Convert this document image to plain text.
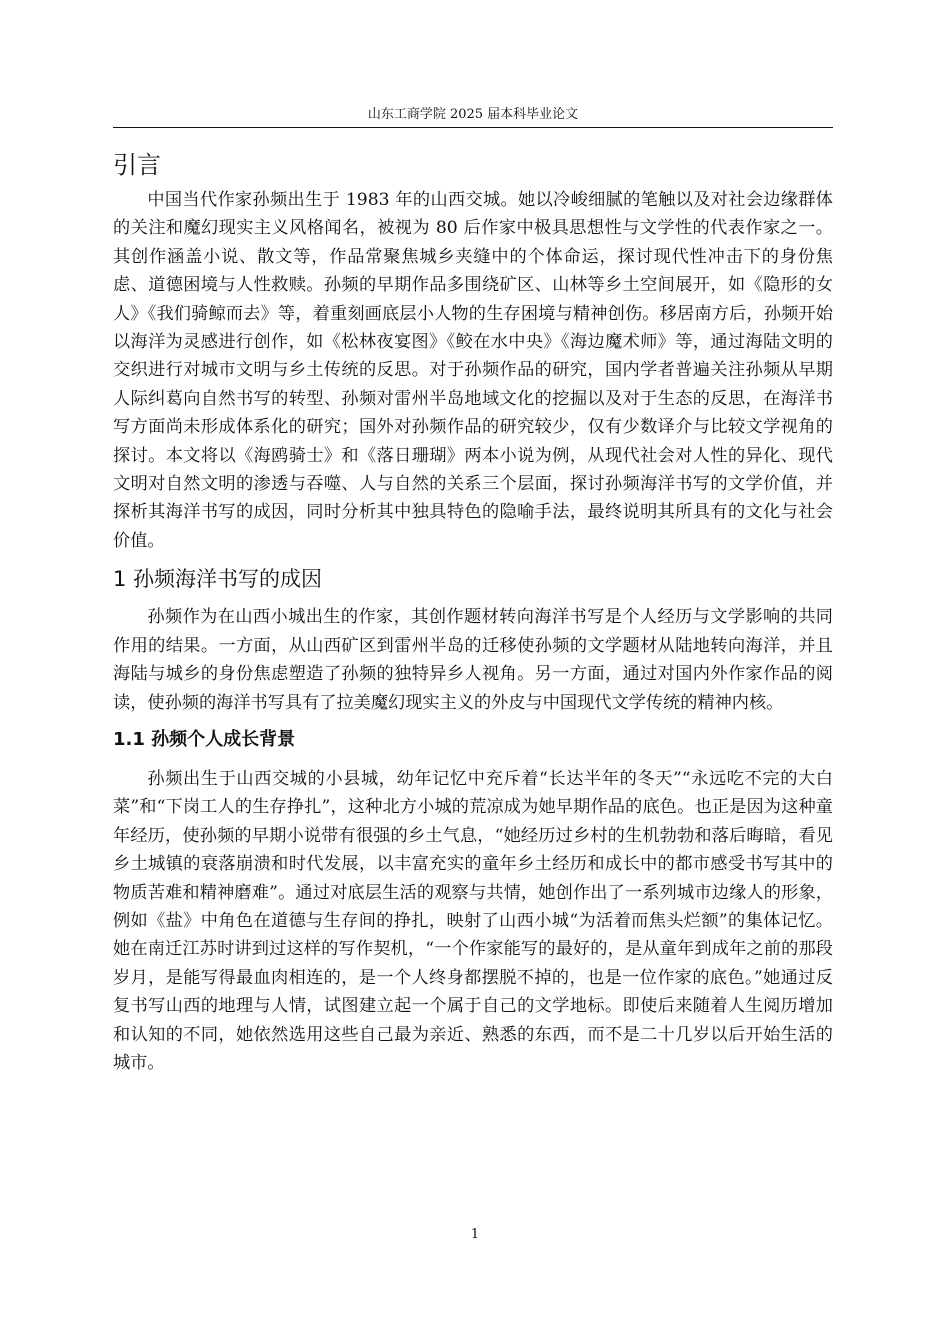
山东工商学院 2025 届本科毕业论文
引言

中国当代作家孙频出生于 1983 年的山西交城。她以冷峻细腻的笔触以及对社会边缘群体的关注和魔幻现实主义风格闻名，被视为 80 后作家中极具思想性与文学性的代表作家之一。其创作涵盖小说、散文等，作品常聚焦城乡夹缝中的个体命运，探讨现代性冲击下的身份焦虑、道德困境与人性救赎。孙频的早期作品多围绕矿区、山林等乡土空间展开，如《隐形的女人》《我们骑鲸而去》等，着重刻画底层小人物的生存困境与精神创伤。移居南方后，孙频开始以海洋为灵感进行创作，如《松林夜宴图》《鲛在水中央》《海边魔术师》等，通过海陆文明的交织进行对城市文明与乡土传统的反思。对于孙频作品的研究，国内学者普遍关注孙频从早期人际纠葛向自然书写的转型、孙频对雷州半岛地域文化的挖掘以及对于生态的反思，在海洋书写方面尚未形成体系化的研究；国外对孙频作品的研究较少，仅有少数译介与比较文学视角的探讨。本文将以《海鸥骑士》和《落日珊瑚》两本小说为例，从现代社会对人性的异化、现代文明对自然文明的渗透与吞噬、人与自然的关系三个层面，探讨孙频海洋书写的文学价值，并探析其海洋书写的成因，同时分析其中独具特色的隐喻手法，最终说明其所具有的文化与社会价值。

1 孙频海洋书写的成因

孙频作为在山西小城出生的作家，其创作题材转向海洋书写是个人经历与文学影响的共同作用的结果。一方面，从山西矿区到雷州半岛的迁移使孙频的文学题材从陆地转向海洋，并且海陆与城乡的身份焦虑塑造了孙频的独特异乡人视角。另一方面，通过对国内外作家作品的阅读，使孙频的海洋书写具有了拉美魔幻现实主义的外皮与中国现代文学传统的精神内核。

1.1 孙频个人成长背景

孙频出生于山西交城的小县城，幼年记忆中充斥着“长达半年的冬天”“永远吃不完的大白菜”和“下岗工人的生存挣扎”，这种北方小城的荒凉成为她早期作品的底色。也正是因为这种童年经历，使孙频的早期小说带有很强的乡土气息，“她经历过乡村的生机勃勃和落后晦暗，看见乡土城镇的衰落崩溃和时代发展，以丰富充实的童年乡土经历和成长中的都市感受书写其中的物质苦难和精神磨难”。通过对底层生活的观察与共情，她创作出了一系列城市边缘人的形象，例如《盐》中角色在道德与生存间的挣扎，映射了山西小城“为活着而焦头烂额”的集体记忆。她在南迁江苏时讲到过这样的写作契机，“一个作家能写的最好的，是从童年到成年之前的那段岁月，是能写得最血肉相连的，是一个人终身都摆脱不掉的，也是一位作家的底色。”她通过反复书写山西的地理与人情，试图建立起一个属于自己的文学地标。即使后来随着人生阅历增加和认知的不同，她依然选用这些自己最为亲近、熟悉的东西，而不是二十几岁以后开始生活的城市。

1
